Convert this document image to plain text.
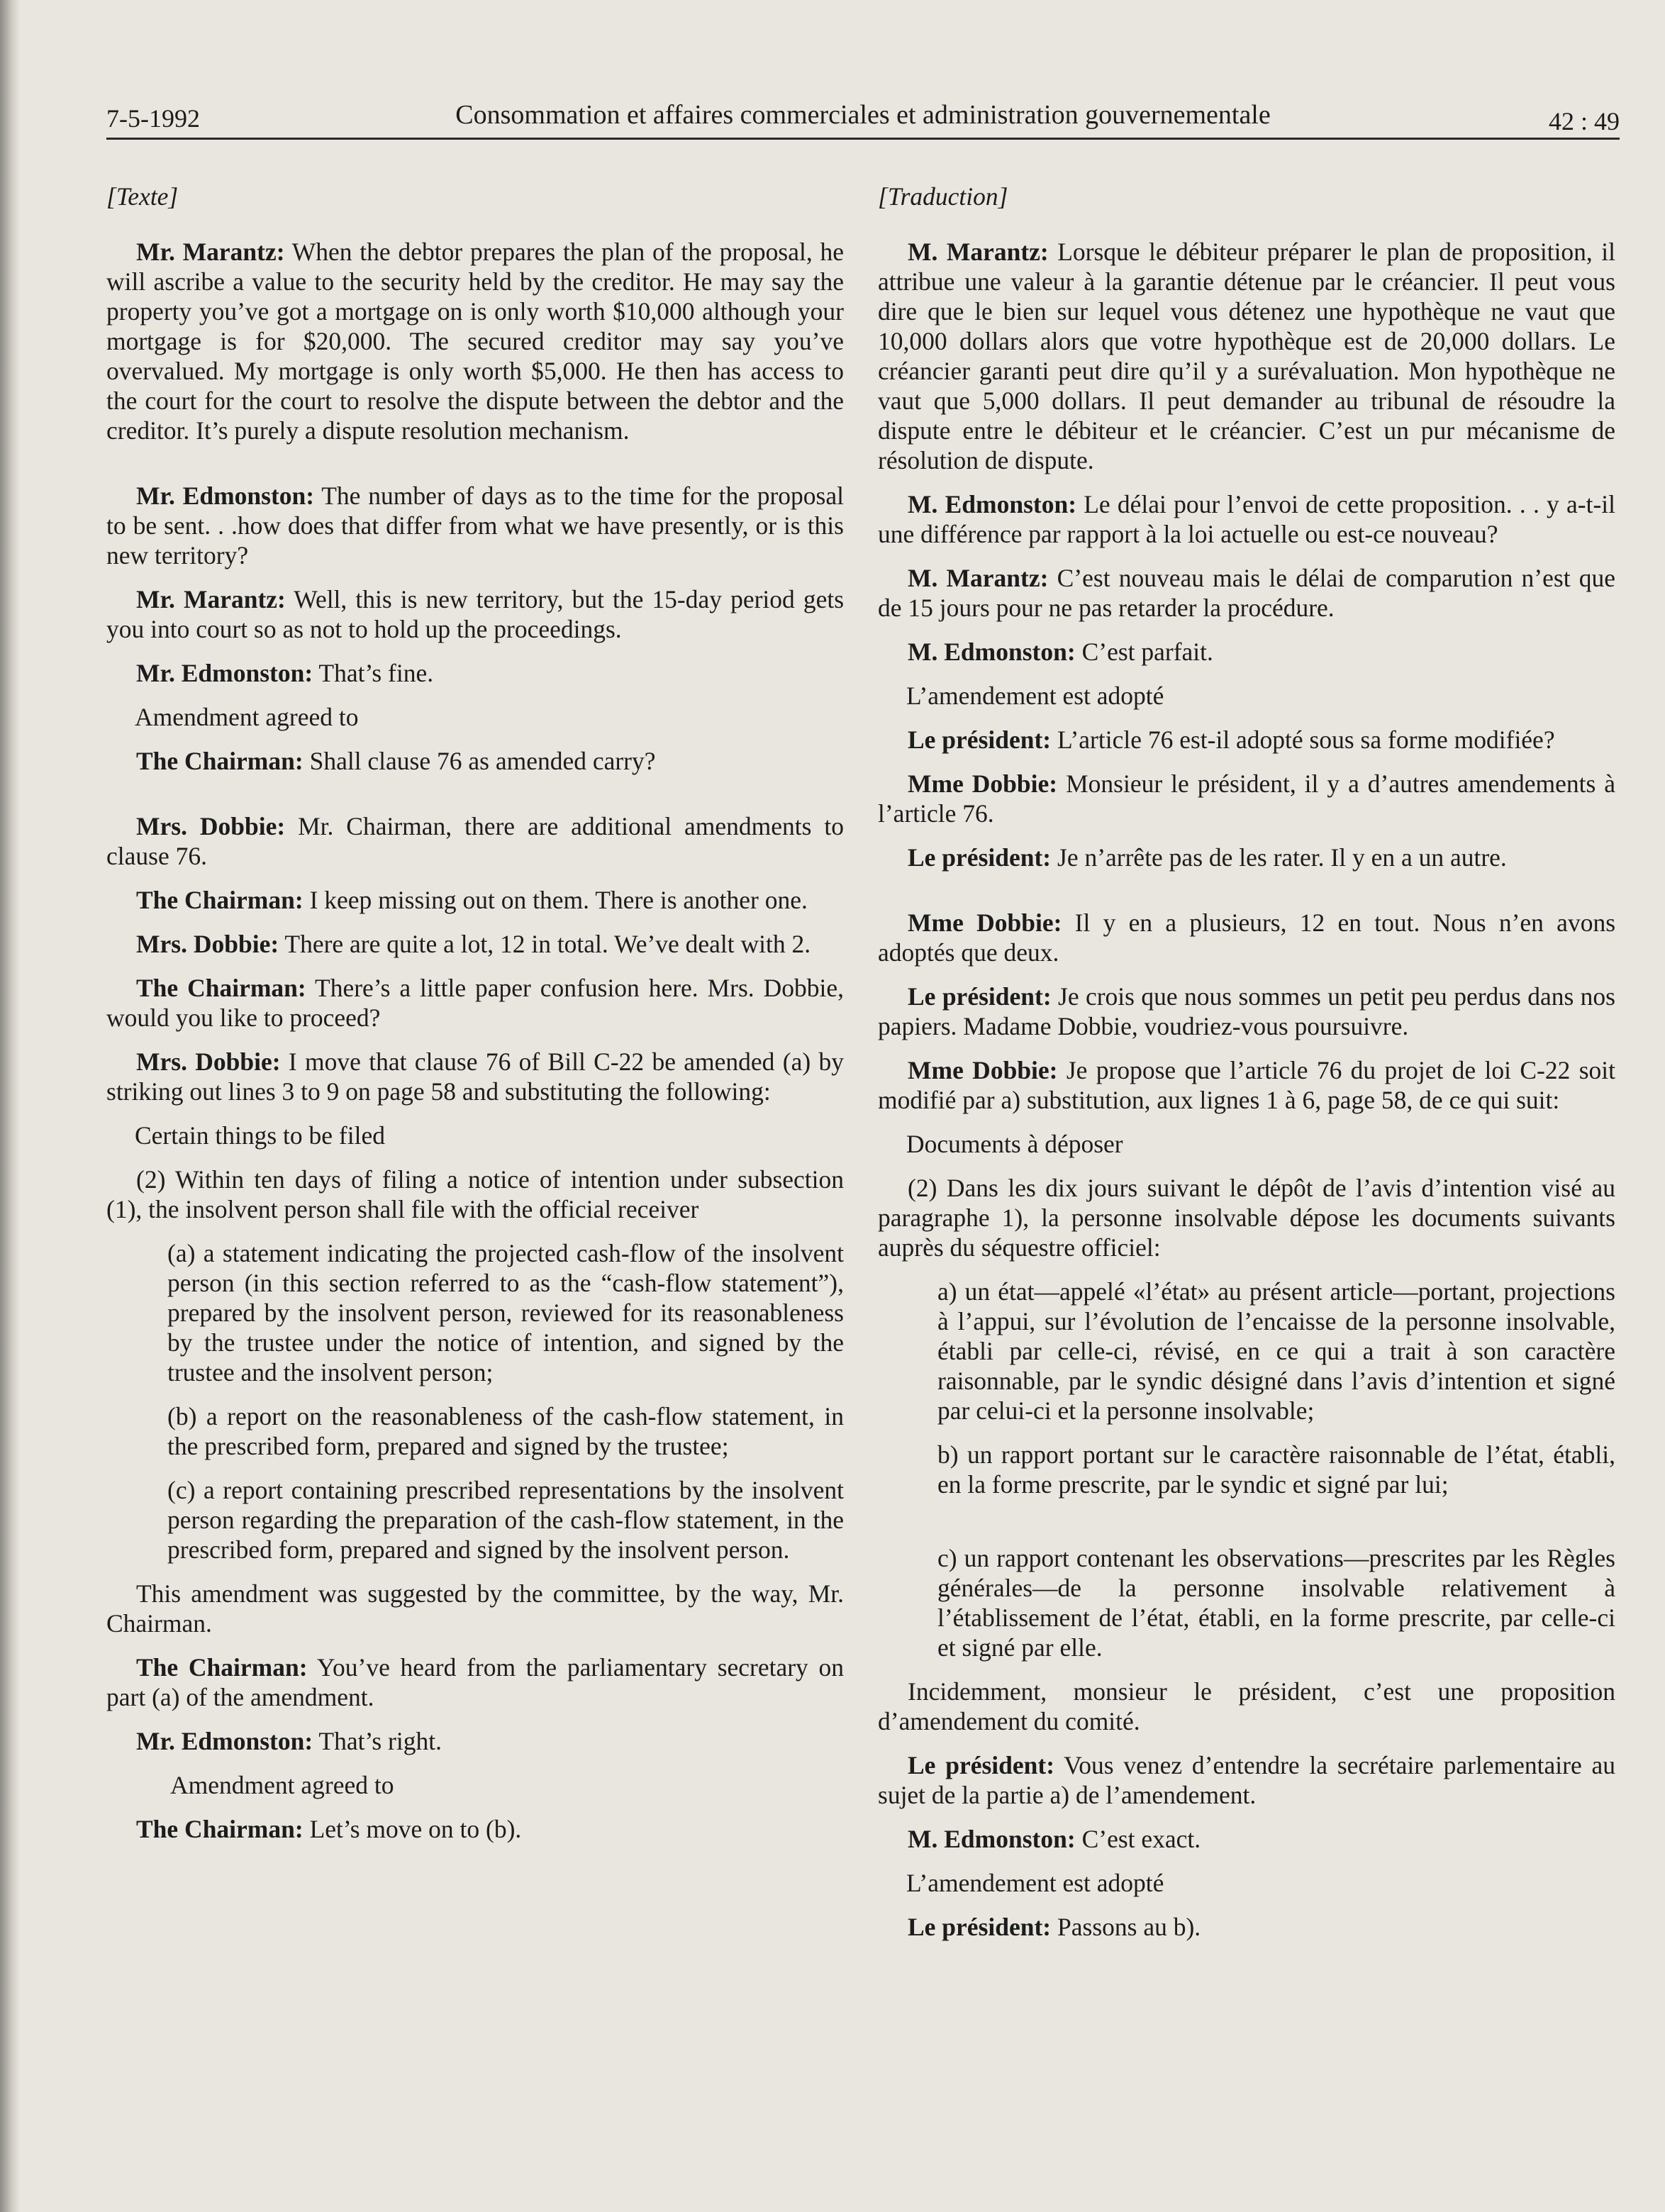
7-5-1992	Consommation et affaires commerciales et administration gouvernementale	42 : 49
[Texte]

Mr. Marantz: When the debtor prepares the plan of the proposal, he will ascribe a value to the security held by the creditor. He may say the property you’ve got a mortgage on is only worth $10,000 although your mortgage is for $20,000. The secured creditor may say you’ve overvalued. My mortgage is only worth $5,000. He then has access to the court for the court to resolve the dispute between the debtor and the creditor. It’s purely a dispute resolution mechanism.

Mr. Edmonston: The number of days as to the time for the proposal to be sent. . .how does that differ from what we have presently, or is this new territory?

Mr. Marantz: Well, this is new territory, but the 15-day period gets you into court so as not to hold up the proceedings.

Mr. Edmonston: That’s fine.

Amendment agreed to

The Chairman: Shall clause 76 as amended carry?

Mrs. Dobbie: Mr. Chairman, there are additional amendments to clause 76.

The Chairman: I keep missing out on them. There is another one.

Mrs. Dobbie: There are quite a lot, 12 in total. We’ve dealt with 2.

The Chairman: There’s a little paper confusion here. Mrs. Dobbie, would you like to proceed?

Mrs. Dobbie: I move that clause 76 of Bill C-22 be amended (a) by striking out lines 3 to 9 on page 58 and substituting the following:

Certain things to be filed

(2) Within ten days of filing a notice of intention under subsection (1), the insolvent person shall file with the official receiver

(a) a statement indicating the projected cash-flow of the insolvent person (in this section referred to as the “cash-flow statement”), prepared by the insolvent person, reviewed for its reasonableness by the trustee under the notice of intention, and signed by the trustee and the insolvent person;

(b) a report on the reasonableness of the cash-flow statement, in the prescribed form, prepared and signed by the trustee;

(c) a report containing prescribed representations by the insolvent person regarding the preparation of the cash-flow statement, in the prescribed form, prepared and signed by the insolvent person.

This amendment was suggested by the committee, by the way, Mr. Chairman.

The Chairman: You’ve heard from the parliamentary secretary on part (a) of the amendment.

Mr. Edmonston: That’s right.

Amendment agreed to

The Chairman: Let’s move on to (b).

[Traduction]

M. Marantz: Lorsque le débiteur préparer le plan de proposition, il attribue une valeur à la garantie détenue par le créancier. Il peut vous dire que le bien sur lequel vous détenez une hypothèque ne vaut que 10,000 dollars alors que votre hypothèque est de 20,000 dollars. Le créancier garanti peut dire qu’il y a surévaluation. Mon hypothèque ne vaut que 5,000 dollars. Il peut demander au tribunal de résoudre la dispute entre le débiteur et le créancier. C’est un pur mécanisme de résolution de dispute.

M. Edmonston: Le délai pour l’envoi de cette proposition. . . y a-t-il une différence par rapport à la loi actuelle ou est-ce nouveau?

M. Marantz: C’est nouveau mais le délai de comparution n’est que de 15 jours pour ne pas retarder la procédure.

M. Edmonston: C’est parfait.

L’amendement est adopté

Le président: L’article 76 est-il adopté sous sa forme modifiée?

Mme Dobbie: Monsieur le président, il y a d’autres amendements à l’article 76.

Le président: Je n’arrête pas de les rater. Il y en a un autre.

Mme Dobbie: Il y en a plusieurs, 12 en tout. Nous n’en avons adoptés que deux.

Le président: Je crois que nous sommes un petit peu perdus dans nos papiers. Madame Dobbie, voudriez-vous poursuivre.

Mme Dobbie: Je propose que l’article 76 du projet de loi C-22 soit modifié par a) substitution, aux lignes 1 à 6, page 58, de ce qui suit:

Documents à déposer

(2) Dans les dix jours suivant le dépôt de l’avis d’intention visé au paragraphe 1), la personne insolvable dépose les documents suivants auprès du séquestre officiel:

a) un état—appelé «l’état» au présent article—portant, projections à l’appui, sur l’évolution de l’encaisse de la personne insolvable, établi par celle-ci, révisé, en ce qui a trait à son caractère raisonnable, par le syndic désigné dans l’avis d’intention et signé par celui-ci et la personne insolvable;

b) un rapport portant sur le caractère raisonnable de l’état, établi, en la forme prescrite, par le syndic et signé par lui;

c) un rapport contenant les observations—prescrites par les Règles générales—de la personne insolvable relativement à l’établissement de l’état, établi, en la forme prescrite, par celle-ci et signé par elle.

Incidemment, monsieur le président, c’est une proposition d’amendement du comité.

Le président: Vous venez d’entendre la secrétaire parlementaire au sujet de la partie a) de l’amendement.

M. Edmonston: C’est exact.

L’amendement est adopté

Le président: Passons au b).
